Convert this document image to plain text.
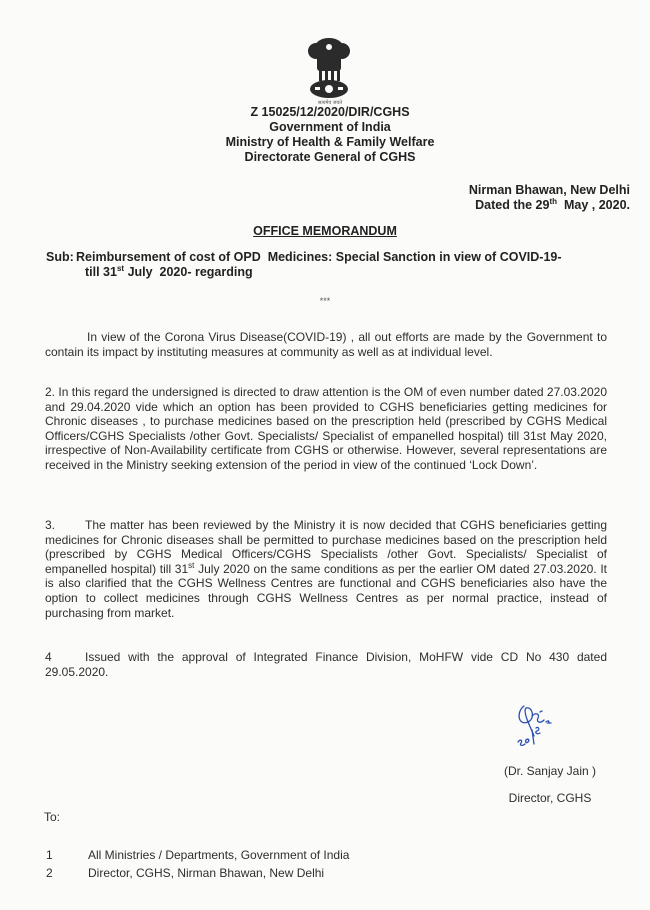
सत्यमेव जयते
Z 15025/12/2020/DIR/CGHS
Government of India
Ministry of Health & Family Welfare
Directorate General of CGHS
Nirman Bhawan, New Delhi
Dated the 29th  May , 2020.
OFFICE MEMORANDUM
Sub: Reimbursement of cost of OPD  Medicines: Special Sanction in view of COVID-19-
till 31st July  2020- regarding
***
In view of the Corona Virus Disease(COVID-19) , all out efforts are made by the Government to contain its impact by instituting measures at community as well as at individual level.
2. In this regard the undersigned is directed to draw attention is the OM of even number dated 27.03.2020 and 29.04.2020 vide which an option has been provided to CGHS beneficiaries getting medicines for Chronic diseases , to purchase medicines based on the prescription held (prescribed by CGHS Medical Officers/CGHS Specialists /other Govt. Specialists/ Specialist of empanelled hospital) till 31st May 2020, irrespective of Non-Availability certificate from CGHS or otherwise. However, several representations are received in the Ministry seeking extension of the period in view of the continued ‘Lock Down’.
3. The matter has been reviewed by the Ministry it is now decided that CGHS beneficiaries getting medicines for Chronic diseases shall be permitted to purchase medicines based on the prescription held (prescribed by CGHS Medical Officers/CGHS Specialists /other Govt. Specialists/ Specialist of empanelled hospital) till 31st July 2020 on the same conditions as per the earlier OM dated 27.03.2020. It is also clarified that the CGHS Wellness Centres are functional and CGHS beneficiaries also have the option to collect medicines through CGHS Wellness Centres as per normal practice, instead of purchasing from market.
4	Issued with the approval of Integrated Finance Division, MoHFW vide CD No 430 dated 29.05.2020.
(Dr. Sanjay Jain )
Director, CGHS
To:
1	All Ministries / Departments, Government of India
2	Director, CGHS, Nirman Bhawan, New Delhi
